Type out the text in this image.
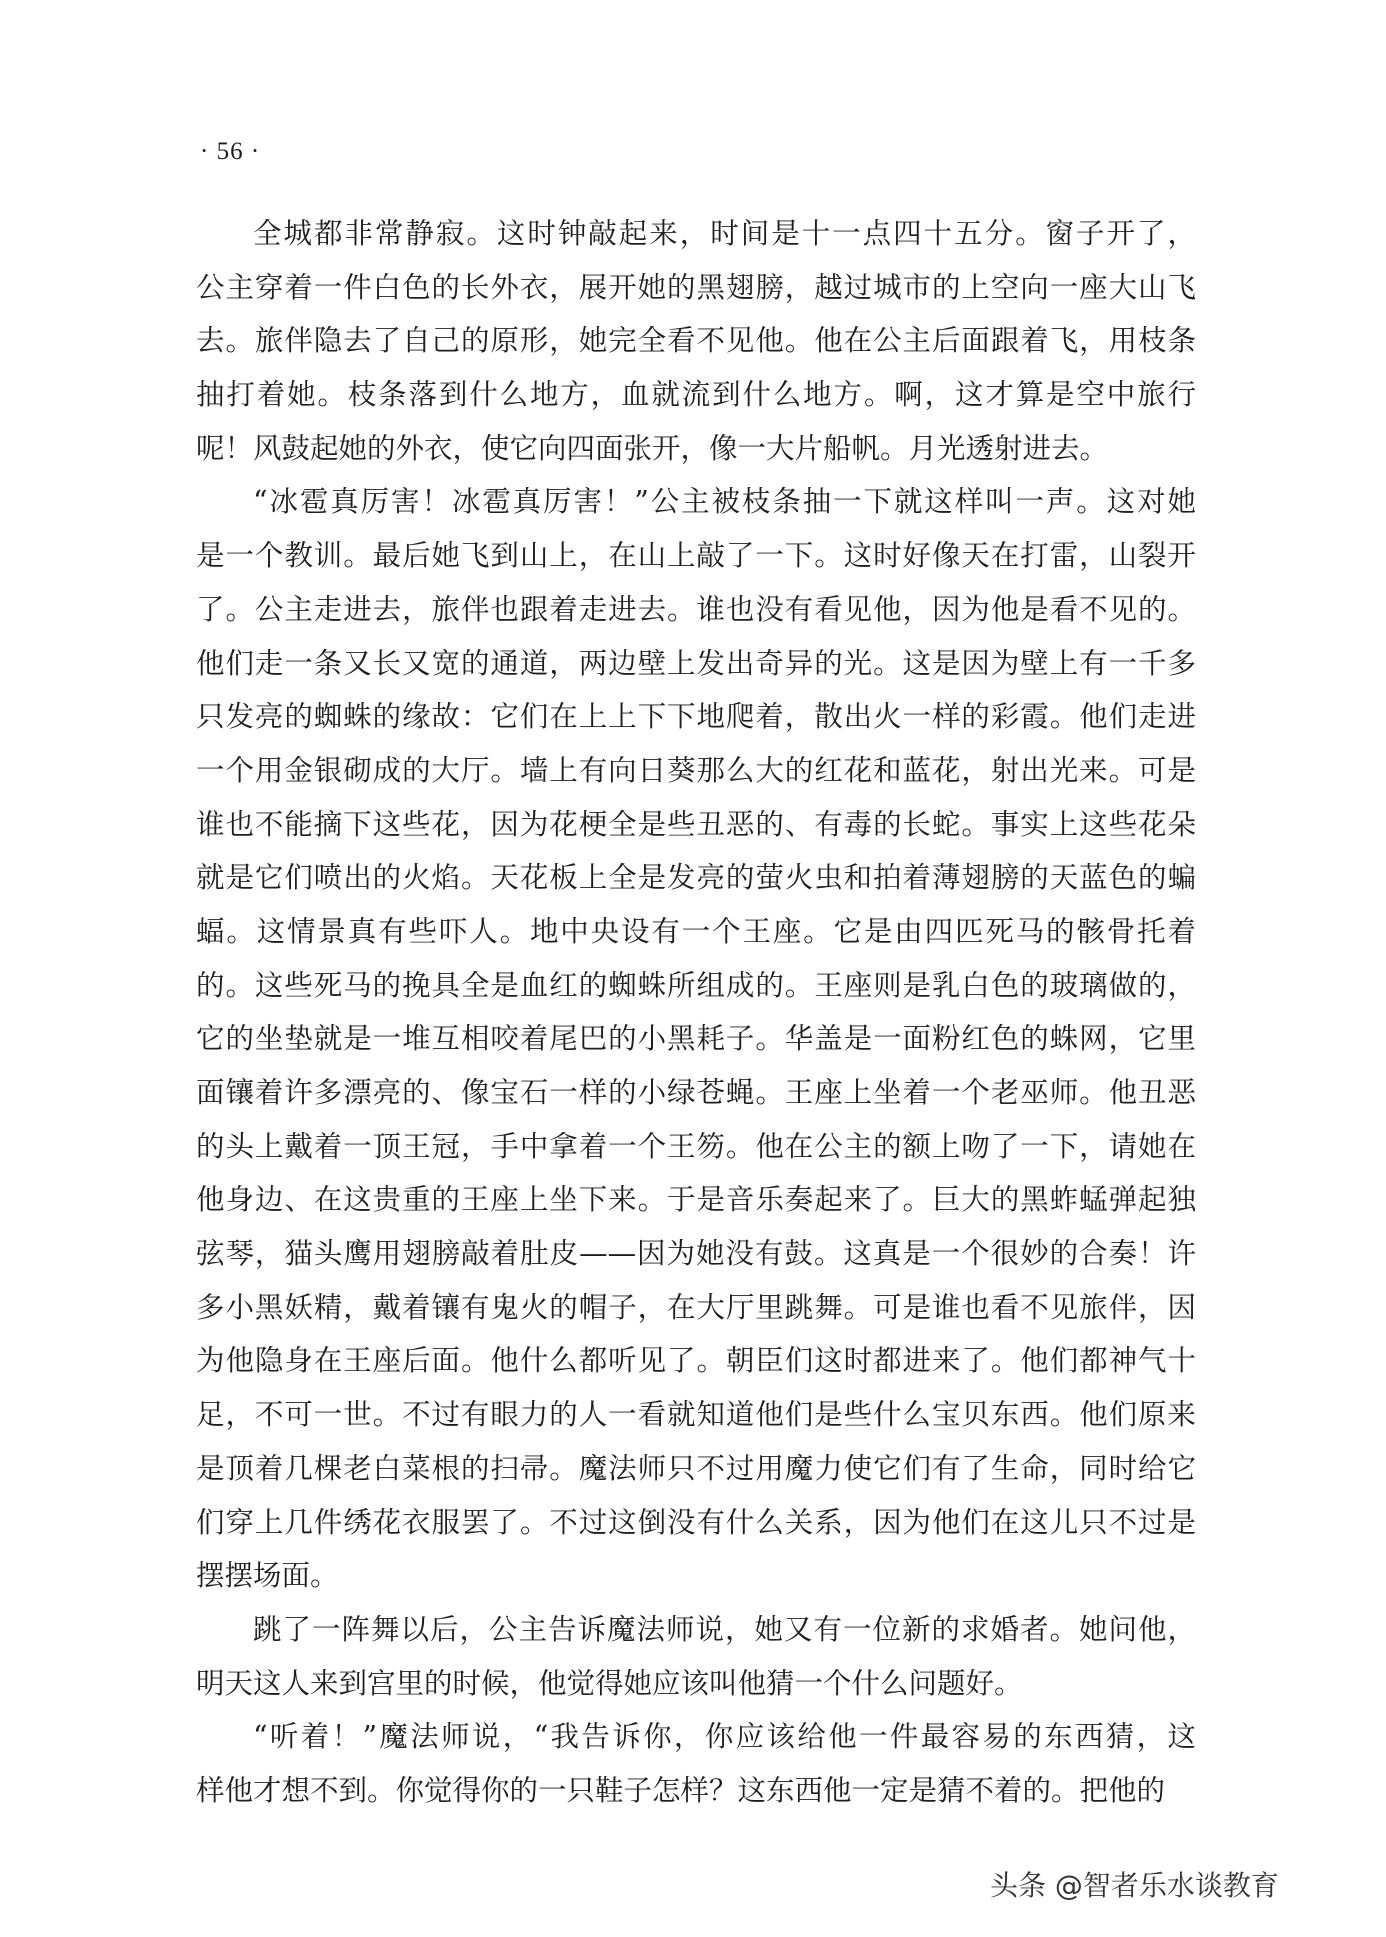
· 56 ·
全城都非常静寂。这时钟敲起来，时间是十一点四十五分。窗子开了，
公主穿着一件白色的长外衣，展开她的黑翅膀，越过城市的上空向一座大山飞
去。旅伴隐去了自己的原形，她完全看不见他。他在公主后面跟着飞，用枝条
抽打着她。枝条落到什么地方，血就流到什么地方。啊，这才算是空中旅行
呢！风鼓起她的外衣，使它向四面张开，像一大片船帆。月光透射进去。
“冰雹真厉害！冰雹真厉害！”公主被枝条抽一下就这样叫一声。这对她
是一个教训。最后她飞到山上，在山上敲了一下。这时好像天在打雷，山裂开
了。公主走进去，旅伴也跟着走进去。谁也没有看见他，因为他是看不见的。
他们走一条又长又宽的通道，两边壁上发出奇异的光。这是因为壁上有一千多
只发亮的蜘蛛的缘故：它们在上上下下地爬着，散出火一样的彩霞。他们走进
一个用金银砌成的大厅。墙上有向日葵那么大的红花和蓝花，射出光来。可是
谁也不能摘下这些花，因为花梗全是些丑恶的、有毒的长蛇。事实上这些花朵
就是它们喷出的火焰。天花板上全是发亮的萤火虫和拍着薄翅膀的天蓝色的蝙
蝠。这情景真有些吓人。地中央设有一个王座。它是由四匹死马的骸骨托着
的。这些死马的挽具全是血红的蜘蛛所组成的。王座则是乳白色的玻璃做的，
它的坐垫就是一堆互相咬着尾巴的小黑耗子。华盖是一面粉红色的蛛网，它里
面镶着许多漂亮的、像宝石一样的小绿苍蝇。王座上坐着一个老巫师。他丑恶
的头上戴着一顶王冠，手中拿着一个王笏。他在公主的额上吻了一下，请她在
他身边、在这贵重的王座上坐下来。于是音乐奏起来了。巨大的黑蚱蜢弹起独
弦琴，猫头鹰用翅膀敲着肚皮——因为她没有鼓。这真是一个很妙的合奏！许
多小黑妖精，戴着镶有鬼火的帽子，在大厅里跳舞。可是谁也看不见旅伴，因
为他隐身在王座后面。他什么都听见了。朝臣们这时都进来了。他们都神气十
足，不可一世。不过有眼力的人一看就知道他们是些什么宝贝东西。他们原来
是顶着几棵老白菜根的扫帚。魔法师只不过用魔力使它们有了生命，同时给它
们穿上几件绣花衣服罢了。不过这倒没有什么关系，因为他们在这儿只不过是
摆摆场面。
跳了一阵舞以后，公主告诉魔法师说，她又有一位新的求婚者。她问他，
明天这人来到宫里的时候，他觉得她应该叫他猜一个什么问题好。
“听着！”魔法师说，“我告诉你，你应该给他一件最容易的东西猜，这
样他才想不到。你觉得你的一只鞋子怎样？这东西他一定是猜不着的。把他的
头条 @智者乐水谈教育
